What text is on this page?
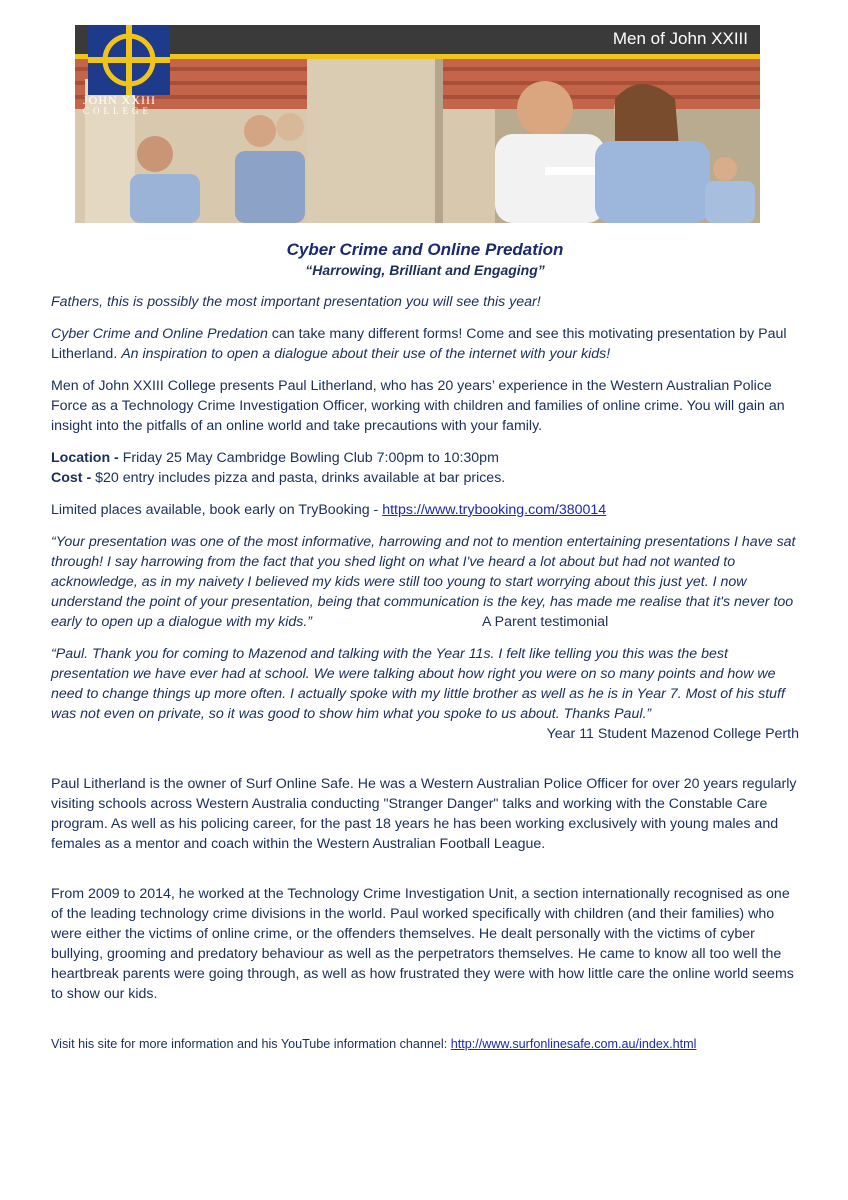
Men of John XXIII
JOHN XXIII
COLLEGE

Cyber Crime and Online Predation

“Harrowing, Brilliant and Engaging”

Fathers, this is possibly the most important presentation you will see this year!

Cyber Crime and Online Predation can take many different forms! Come and see this motivating presentation by Paul Litherland. An inspiration to open a dialogue about their use of the internet with your kids!

Men of John XXIII College presents Paul Litherland, who has 20 years’ experience in the Western Australian Police Force as a Technology Crime Investigation Officer, working with children and families of online crime. You will gain an insight into the pitfalls of an online world and take precautions with your family.

Location - Friday 25 May Cambridge Bowling Club 7:00pm to 10:30pm

Cost - $20 entry includes pizza and pasta, drinks available at bar prices.

Limited places available, book early on TryBooking - https://www.trybooking.com/380014

“Your presentation was one of the most informative, harrowing and not to mention entertaining presentations I have sat through! I say harrowing from the fact that you shed light on what I've heard a lot about but had not wanted to acknowledge, as in my naivety I believed my kids were still too young to start worrying about this just yet. I now understand the point of your presentation, being that communication is the key, has made me realise that it's never too early to open up a dialogue with my kids.”	A Parent testimonial

“Paul. Thank you for coming to Mazenod and talking with the Year 11s. I felt like telling you this was the best presentation we have ever had at school. We were talking about how right you were on so many points and how we need to change things up more often. I actually spoke with my little brother as well as he is in Year 7. Most of his stuff was not even on private, so it was good to show him what you spoke to us about. Thanks Paul.”

Year 11 Student Mazenod College Perth

Paul Litherland is the owner of Surf Online Safe. He was a Western Australian Police Officer for over 20 years regularly visiting schools across Western Australia conducting "Stranger Danger" talks and working with the Constable Care program. As well as his policing career, for the past 18 years he has been working exclusively with young males and females as a mentor and coach within the Western Australian Football League.

From 2009 to 2014, he worked at the Technology Crime Investigation Unit, a section internationally recognised as one of the leading technology crime divisions in the world. Paul worked specifically with children (and their families) who were either the victims of online crime, or the offenders themselves. He dealt personally with the victims of cyber bullying, grooming and predatory behaviour as well as the perpetrators themselves. He came to know all too well the heartbreak parents were going through, as well as how frustrated they were with how little care the online world seems to show our kids.

Visit his site for more information and his YouTube information channel: http://www.surfonlinesafe.com.au/index.html
